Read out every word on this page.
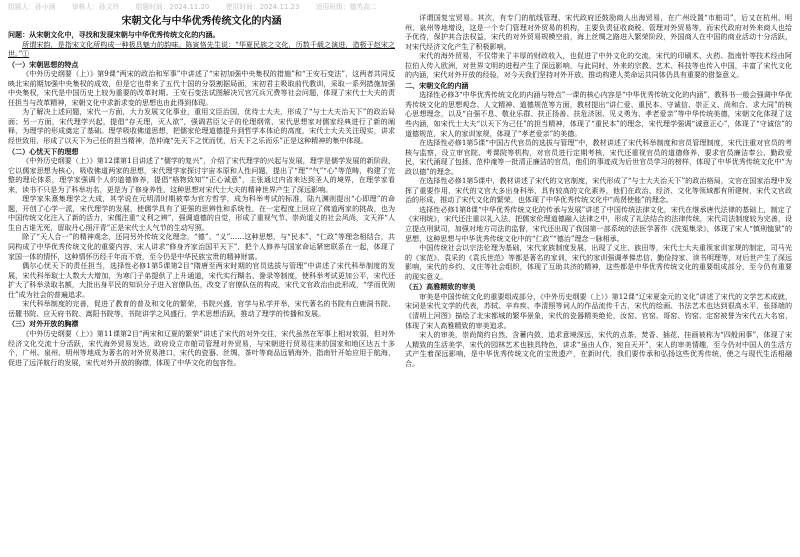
组题人：孙小涵 审核人：孙文玲 组题时间：2024.11.20 使用时间：2024.11.23 适用班级：德英高二
宋朝文化与中华优秀传统文化的内涵

问题：从宋朝文化中，寻找和发现宋朝与中华优秀传统文化的内涵。

所谓宋韵，是指宋文化所构成一种极具魅力的韵味。陈寅恪先生说：“华夏民族之文化，历数千载之演进，造极于赵宋之世。”①

（一）宋朝思想的特点

《中外历史纲要（上）》第9课“两宋的政治和军事”中讲述了“宋初加强中央集权的措施”和“王安石变法”，这两者共同反映北宋前期加强中央集权的成效，但是它也带来了五代十国的分裂割据局面，宋初君主吸取前代教训，采取一系列措施加强中央集权，宋代是中国历史上较为重要的改革时期。王安石变法试图解决冗官冗兵冗费等社会问题，体现了宋代士大夫的责任担当与改革精神，宋朝文化中求新求变的思想也由此得到体现。

为了解决上述问题，宋代一方面，大力发展文化事业，重用文臣治国，优待士大夫，形成了“与士大夫治天下”的政治局面；另一方面，宋代理学兴起，提倡“存天理，灭人欲”，强调君臣父子的伦理纲常，宋代思想家对儒家经典进行了新的阐释，为理学的形成奠定了基础。理学吸收佛道思想，把儒家伦理道德提升到哲学本体论的高度，宋代士大夫关注现实，讲求经世致用，形成了以天下为己任的担当精神，范仲淹“先天下之忧而忧，后天下之乐而乐”正是这种精神的集中体现。

（二）心忧天下的理想

《中外历史纲要（上）》第12课第1目讲述了“儒学的复兴”，介绍了宋代理学的兴起与发展，理学是儒学发展的新阶段，它以儒家思想为核心，吸收佛道两家的思想，宋代理学家探讨宇宙本原和人性问题，提出了“理”“气”“心”等范畴，构建了完整的理论体系，理学家强调个人的道德修养，提倡“格物致知”“正心诚意”，主张通过内省来达到圣人的境界，在理学家看来，读书不只是为了科举功名，更是为了修身养性，这种思想对宋代士大夫的精神世界产生了深远影响。

理学家朱熹集理学之大成，其学说在元明清时期被奉为官方哲学，成为科举考试的标准，陆九渊则提出“心即理”的命题，开创了心学一派，宋代理学的发展，使儒学具有了更强的思辨性和系统性，在一定程度上回应了佛道两家的挑战，也为中国传统文化注入了新的活力，宋儒注重“义利之辨”，强调道德的自觉，形成了重视气节、崇尚道义的社会风尚，文天祥“人生自古谁无死，留取丹心照汗青”正是宋代士人气节的生动写照。

除了“天人合一”的精神观念，还同另外传统文化理念，“德”、“义”……这种思想，与“民本”、“仁政”等理念相结合，共同构成了中华优秀传统文化的重要内容，宋人讲求“修身齐家治国平天下”，把个人修养与国家命运紧密联系在一起，体现了家国一体的情怀，这种情怀历经千年而不衰，至今仍是中华民族宝贵的精神财富。

偶尔心忧天下的责任担当，选择性必修1第5课第2目“隋唐至两宋时期的官员选拔与管理”中讲述了宋代科举制度的发展，宋代科举取士人数大大增加，为寒门子弟提供了上升通道，宋代实行糊名、誊录等制度，使科举考试更加公平，宋代还扩大了科举录取名额，大批出身平民的知识分子进入官僚队伍，改变了官僚队伍的构成，宋代文官政治由此形成，“学而优则仕”成为社会的普遍追求。

宋代科举制度的完善，促进了教育的普及和文化的繁荣，书院兴盛，官学与私学并举，宋代著名的书院有白鹿洞书院、岳麓书院、应天府书院、嵩阳书院等，书院讲学之风盛行，学术思想活跃，推动了理学的传播和发展。

（三）对外开放的胸襟

《中外历史纲要（上）》第11课第2目“两宋和辽夏的繁荣”讲述了宋代的对外交往，宋代虽然在军事上相对软弱，但对外经济文化交流十分活跃，宋代海外贸易发达，政府设立市舶司管理对外贸易，与宋朝进行贸易往来的国家和地区达五十多个，广州、泉州、明州等地成为著名的对外贸易港口，宋代的瓷器、丝绸、茶叶等商品远销海外，指南针开始应用于航海，促进了远洋航行的发展，宋代对外开放的胸襟，体现了中华文化的包容性。

详谓国复宝贸易。其次，有专门的航线管理，宋代政府还鼓励商人出海贸易，在广州设置“市舶司”，后又在杭州、明州、泉州等地增设，这是一个专门管理对外贸易的机构，主要负责征收商税、管理对外贸易等，而宋代政府对外来商人也给予优待，保护其合法权益，宋代的对外贸易规模空前，海上丝绸之路进入繁荣阶段，外国商人在中国的商业活动十分活跃，对宋代经济文化产生了积极影响。

宋代的海外贸易，不仅带来了丰厚的财政收入，也促进了中外文化的交流，宋代的印刷术、火药、指南针等技术经由阿拉伯人传入欧洲，对世界文明的进程产生了深远影响，与此同时，外来的宗教、艺术、科技等也传入中国，丰富了宋代文化的内涵，宋代对外开放的经验，对今天我们坚持对外开放、推动构建人类命运共同体仍具有重要的借鉴意义。

二、宋朝文化的内涵

选择性必修3“中华优秀传统文化的内涵与特点”一课的核心内容是“中华优秀传统文化的内涵”，教科书一般会强调中华优秀传统文化的思想观念、人文精神、道德规范等方面，教材提出“讲仁爱、重民本、守诚信、崇正义、尚和合、求大同”的核心思想理念，以及“自强不息、敬业乐群、扶正扬善、扶危济困、见义勇为、孝老爱亲”等中华传统美德，宋朝文化体现了这些内涵，如宋代士大夫“以天下为己任”的担当精神，体现了“重民本”的理念，宋代理学强调“诚意正心”，体现了“守诚信”的道德规范，宋人的家训家规，体现了“孝老爱亲”的美德。

在选择性必修1第5课“中国古代官员的选拔与管理”中，教材讲述了宋代科举制度和官员管理制度，宋代注重对官员的考核与监察，设立审官院、考课院等机构，对官员进行定期考核，宋代还重视官员的道德修养，要求官员廉洁奉公、勤政爱民，宋代涌现了包拯、范仲淹等一批清正廉洁的官员，他们的事迹成为后世官员学习的榜样，体现了中华优秀传统文化中“为政以德”的理念。

在选择性必修1第5课中，教材讲述了宋代的文官制度，宋代形成了“与士大夫治天下”的政治格局，文官在国家治理中发挥了重要作用，宋代的文官大多出身科举，具有较高的文化素养，他们在政治、经济、文化等领域都有所建树，宋代文官政治的形成，推动了宋代文化的繁荣，也体现了中华优秀传统文化中“尚贤使能”的理念。

选择性必修1第8课“中华优秀传统文化的传承与发展”讲述了中国传统法律文化，宋代在继承唐代法律的基础上，制定了《宋刑统》，宋代还注重以礼入法，把儒家伦理道德融入法律之中，形成了礼法结合的法律传统，宋代司法制度较为完善，设立提点刑狱司，加强对地方司法的监督，宋代还出现了我国第一部系统的法医学著作《洗冤集录》，体现了宋人“慎刑恤狱”的思想，这种思想与中华优秀传统文化中的“仁政”“德治”理念一脉相承。

中国传统社会以宗法伦理为基础，宋代家族制度发展，出现了义庄、族田等，宋代士大夫重视家训家规的制定，司马光的《家范》、袁采的《袁氏世范》等都是著名的家训，宋代的家训强调孝悌忠信、勤俭持家、读书明理等，对后世产生了深远影响，宋代的乡约、义庄等社会组织，体现了互助共济的精神，这些都是中华优秀传统文化的重要组成部分，至今仍有重要的现实意义。

（五）高雅精致的审美

审美是中国传统文化的重要组成部分，《中外历史纲要（上）》第12课“辽宋夏金元的文化”讲述了宋代的文学艺术成就，宋词是宋代文学的代表，苏轼、辛弃疾、李清照等词人的作品流传千古，宋代的绘画、书法艺术也达到很高水平，张择端的《清明上河图》描绘了北宋都城的繁华景象，宋代的瓷器精美绝伦，汝窑、官窑、哥窑、钧窑、定窑被誉为宋代五大名窑，体现了宋人高雅精致的审美追求。

宋人的审美，崇尚简约自然、含蓄内敛，追求意境深远，宋代的点茶、焚香、插花、挂画被称为“四般闲事”，体现了宋人精致的生活美学，宋代的园林艺术也独具特色，讲求“虽由人作，宛自天开”，宋人的审美情趣，至今仍对中国人的生活方式产生着深远影响，是中华优秀传统文化的宝贵遗产，在新时代，我们要传承和弘扬这些优秀传统，使之与现代生活相融合。
